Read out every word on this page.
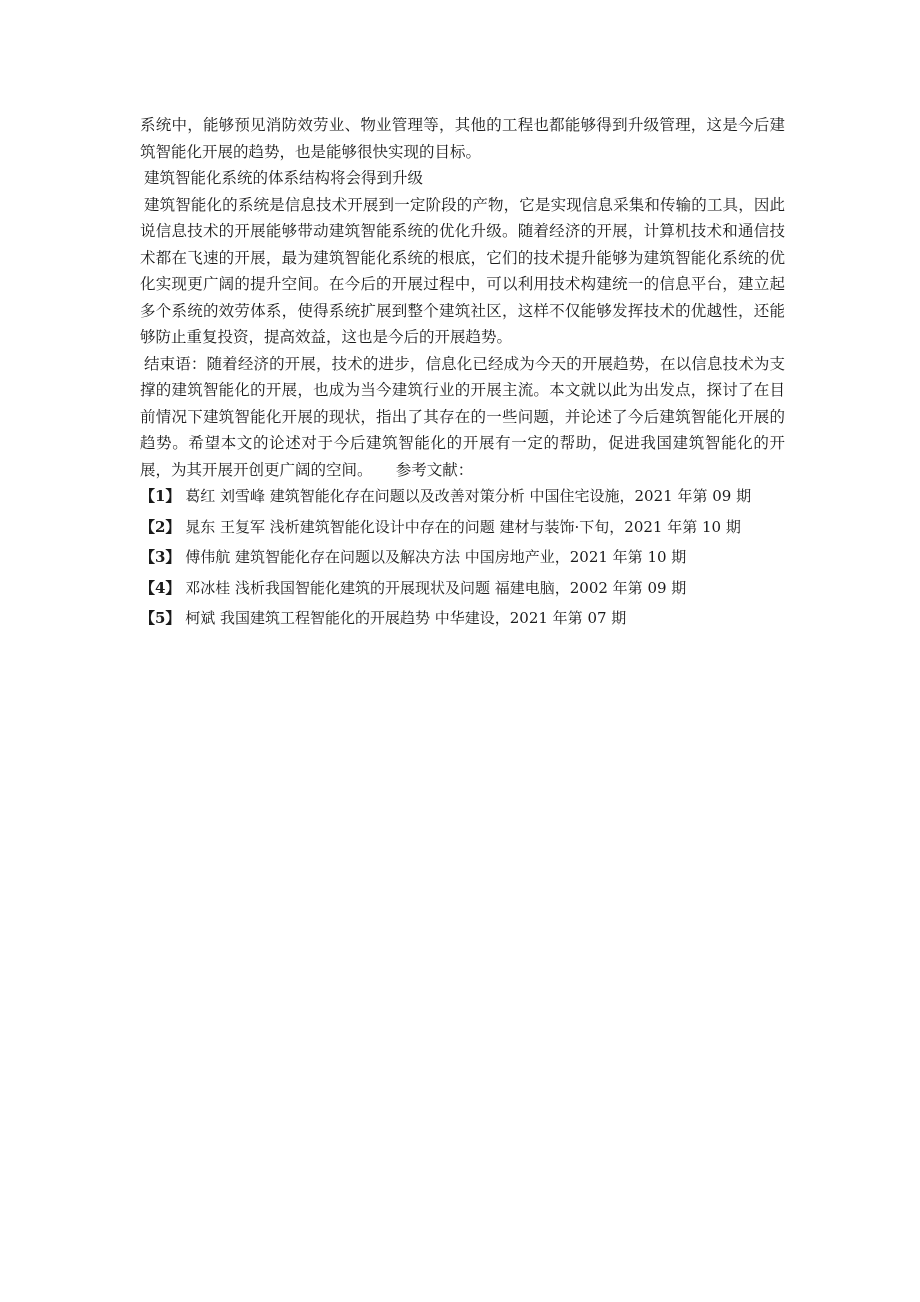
系统中，能够预见消防效劳业、物业管理等，其他的工程也都能够得到升级管理，这是今后建筑智能化开展的趋势，也是能够很快实现的目标。

建筑智能化系统的体系结构将会得到升级

建筑智能化的系统是信息技术开展到一定阶段的产物，它是实现信息采集和传输的工具，因此说信息技术的开展能够带动建筑智能系统的优化升级。随着经济的开展，计算机技术和通信技术都在飞速的开展，最为建筑智能化系统的根底，它们的技术提升能够为建筑智能化系统的优化实现更广阔的提升空间。在今后的开展过程中，可以利用技术构建统一的信息平台，建立起多个系统的效劳体系，使得系统扩展到整个建筑社区，这样不仅能够发挥技术的优越性，还能够防止重复投资，提高效益，这也是今后的开展趋势。

结束语：随着经济的开展，技术的进步，信息化已经成为今天的开展趋势，在以信息技术为支撑的建筑智能化的开展，也成为当今建筑行业的开展主流。本文就以此为出发点，探讨了在目前情况下建筑智能化开展的现状，指出了其存在的一些问题，并论述了今后建筑智能化开展的趋势。希望本文的论述对于今后建筑智能化的开展有一定的帮助，促进我国建筑智能化的开展，为其开展开创更广阔的空间。　　参考文献：

【1】 葛红 刘雪峰 建筑智能化存在问题以及改善对策分析 中国住宅设施，2021 年第 09 期

【2】 晁东 王复军 浅析建筑智能化设计中存在的问题 建材与装饰·下旬，2021 年第 10 期

【3】 傅伟航 建筑智能化存在问题以及解决方法 中国房地产业，2021 年第 10 期

【4】 邓冰桂 浅析我国智能化建筑的开展现状及问题 福建电脑，2002 年第 09 期

【5】 柯斌 我国建筑工程智能化的开展趋势 中华建设，2021 年第 07 期
